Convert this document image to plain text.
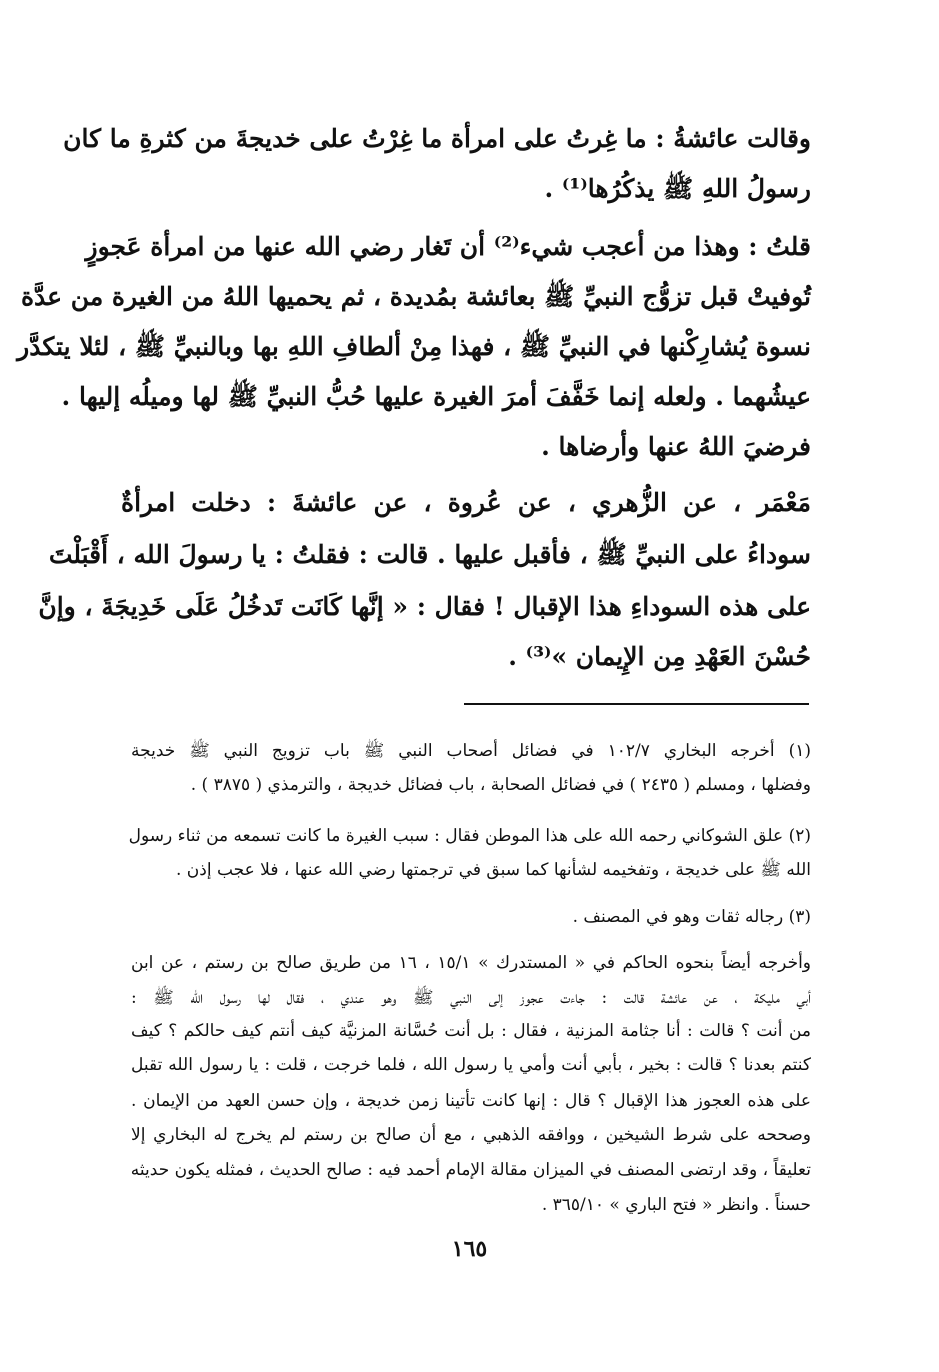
وقالت عائشةُ : ما غِرتُ على امرأة ما غِرْتُ على خديجةَ من كثرةِ ما كان
رسولُ اللهِ ﷺ يذكُرُها⁽¹⁾ .
قلتُ : وهذا من أعجب شيء⁽²⁾ أن تَغار رضي الله عنها من امرأة عَجوزٍ
تُوفيتْ قبل تزوُّج النبيِّ ﷺ بعائشة بمُديدة ، ثم يحميها اللهُ من الغيرة من عدَّة
نسوة يُشارِكْنها في النبيِّ ﷺ ، فهذا مِنْ ألطافِ اللهِ بها وبالنبيِّ ﷺ ، لئلا يتكدَّر
عيشُهما . ولعله إنما خَفَّفَ أمرَ الغيرة عليها حُبُّ النبيِّ ﷺ لها وميلُه إليها .
فرضيَ اللهُ عنها وأرضاها .
مَعْمَر ، عن الزُّهري ، عن عُروة ، عن عائشةَ : دخلت امرأةٌ
سوداءُ على النبيِّ ﷺ ، فأقبل عليها . قالت : فقلتُ : يا رسولَ الله ، أَقْبَلْتَ
على هذه السوداءِ هذا الإقبال ! فقال : « إنَّها كَانَت تَدخُلُ عَلَى خَدِيجَةَ ، وإنَّ
حُسْنَ العَهْدِ مِن الإِيمان »⁽³⁾ .
(١) أخرجه البخاري ١٠٢/٧ في فضائل أصحاب النبي ﷺ باب تزويج النبي ﷺ خديجة
وفضلها ، ومسلم ( ٢٤٣٥ ) في فضائل الصحابة ، باب فضائل خديجة ، والترمذي ( ٣٨٧٥ ) .
(٢) علق الشوكاني رحمه الله على هذا الموطن فقال : سبب الغيرة ما كانت تسمعه من ثناء رسول
الله ﷺ على خديجة ، وتفخيمه لشأنها كما سبق في ترجمتها رضي الله عنها ، فلا عجب إذن .
(٣) رجاله ثقات وهو في المصنف .
وأخرجه أيضاً بنحوه الحاكم في « المستدرك » ١٥/١ ، ١٦ من طريق صالح بن رستم ، عن ابن
أبي مليكة ، عن عائشة قالت : جاءت عجوز إلى النبي ﷺ وهو عندي ، فقال لها رسول الله ﷺ :
من أنت ؟ قالت : أنا جثامة المزنية ، فقال : بل أنت حُسَّانة المزنيَّة كيف أنتم كيف حالكم ؟ كيف
كنتم بعدنا ؟ قالت : بخير ، بأبي أنت وأمي يا رسول الله ، فلما خرجت ، قلت : يا رسول الله تقبل
على هذه العجوز هذا الإقبال ؟ قال : إنها كانت تأتينا زمن خديجة ، وإن حسن العهد من الإيمان .
وصححه على شرط الشيخين ، ووافقه الذهبي ، مع أن صالح بن رستم لم يخرج له البخاري إلا
تعليقاً ، وقد ارتضى المصنف في الميزان مقالة الإمام أحمد فيه : صالح الحديث ، فمثله يكون حديثه
حسناً . وانظر « فتح الباري » ٣٦٥/١٠ .
١٦٥
